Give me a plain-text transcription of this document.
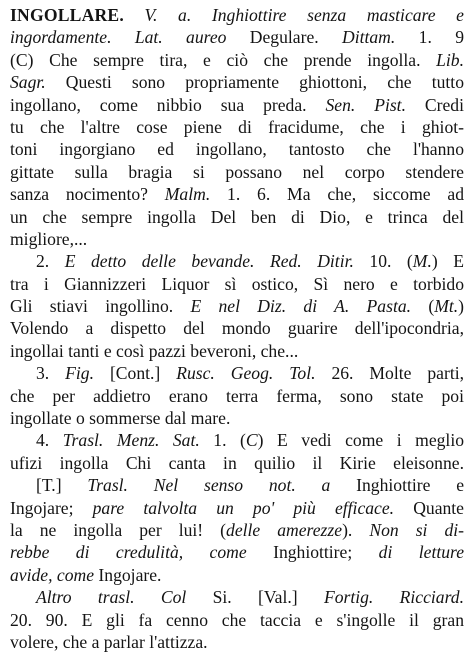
INGOLLARE. V. a. Inghiottire senza masticare e
ingordamente. Lat. aureo Degulare. Dittam. 1. 9
(C) Che sempre tira, e ciò che prende ingolla. Lib.
Sagr. Questi sono propriamente ghiottoni, che tutto
ingollano, come nibbio sua preda. Sen. Pist. Credi
tu che l'altre cose piene di fracidume, che i ghiot-
toni ingorgiano ed ingollano, tantosto che l'hanno
gittate sulla bragia si possano nel corpo stendere
sanza nocimento? Malm. 1. 6. Ma che, siccome ad
un che sempre ingolla Del ben di Dio, e trinca del
migliore,...
2. E detto delle bevande. Red. Ditir. 10. (M.) E
tra i Giannizzeri Liquor sì ostico, Sì nero e torbido
Gli stiavi ingollino. E nel Diz. di A. Pasta. (Mt.)
Volendo a dispetto del mondo guarire dell'ipocondria,
ingollai tanti e così pazzi beveroni, che...
3. Fig. [Cont.] Rusc. Geog. Tol. 26. Molte parti,
che per addietro erano terra ferma, sono state poi
ingollate o sommerse dal mare.
4. Trasl. Menz. Sat. 1. (C) E vedi come i meglio
ufizi ingolla Chi canta in quilio il Kirie eleisonne.
[T.] Trasl. Nel senso not. a Inghiottire e
Ingojare; pare talvolta un po' più efficace. Quante
la ne ingolla per lui! (delle amerezze). Non si di-
rebbe di credulità, come Inghiottire; di letture
avide, come Ingojare.
Altro trasl. Col Si. [Val.] Fortig. Ricciard.
20. 90. E gli fa cenno che taccia e s'ingolle il gran
volere, che a parlar l'attizza.
